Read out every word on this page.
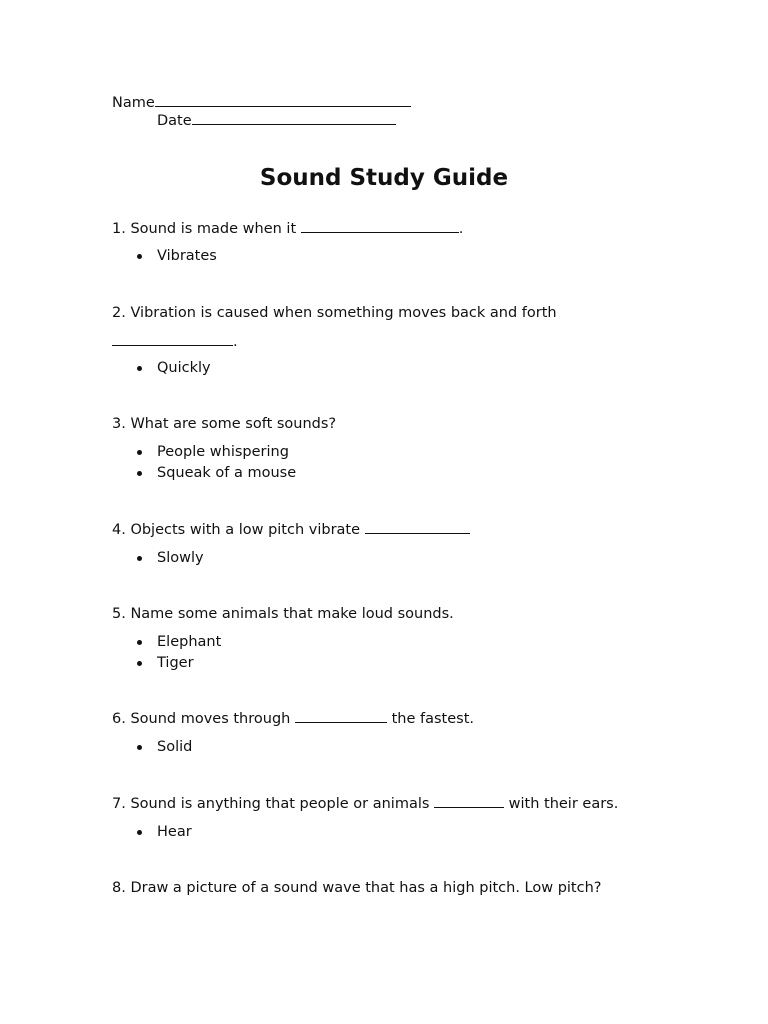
Name
Date
Sound Study Guide
1. Sound is made when it	.
Vibrates
2. Vibration is caused when something moves back and forth
.
Quickly
3. What are some soft sounds?
People whispering
Squeak of a mouse
4. Objects with a low pitch vibrate
Slowly
5. Name some animals that make loud sounds.
Elephant
Tiger
6. Sound moves through	the fastest.
Solid
7. Sound is anything that people or animals	with their ears.
Hear
8. Draw a picture of a sound wave that has a high pitch. Low pitch?
